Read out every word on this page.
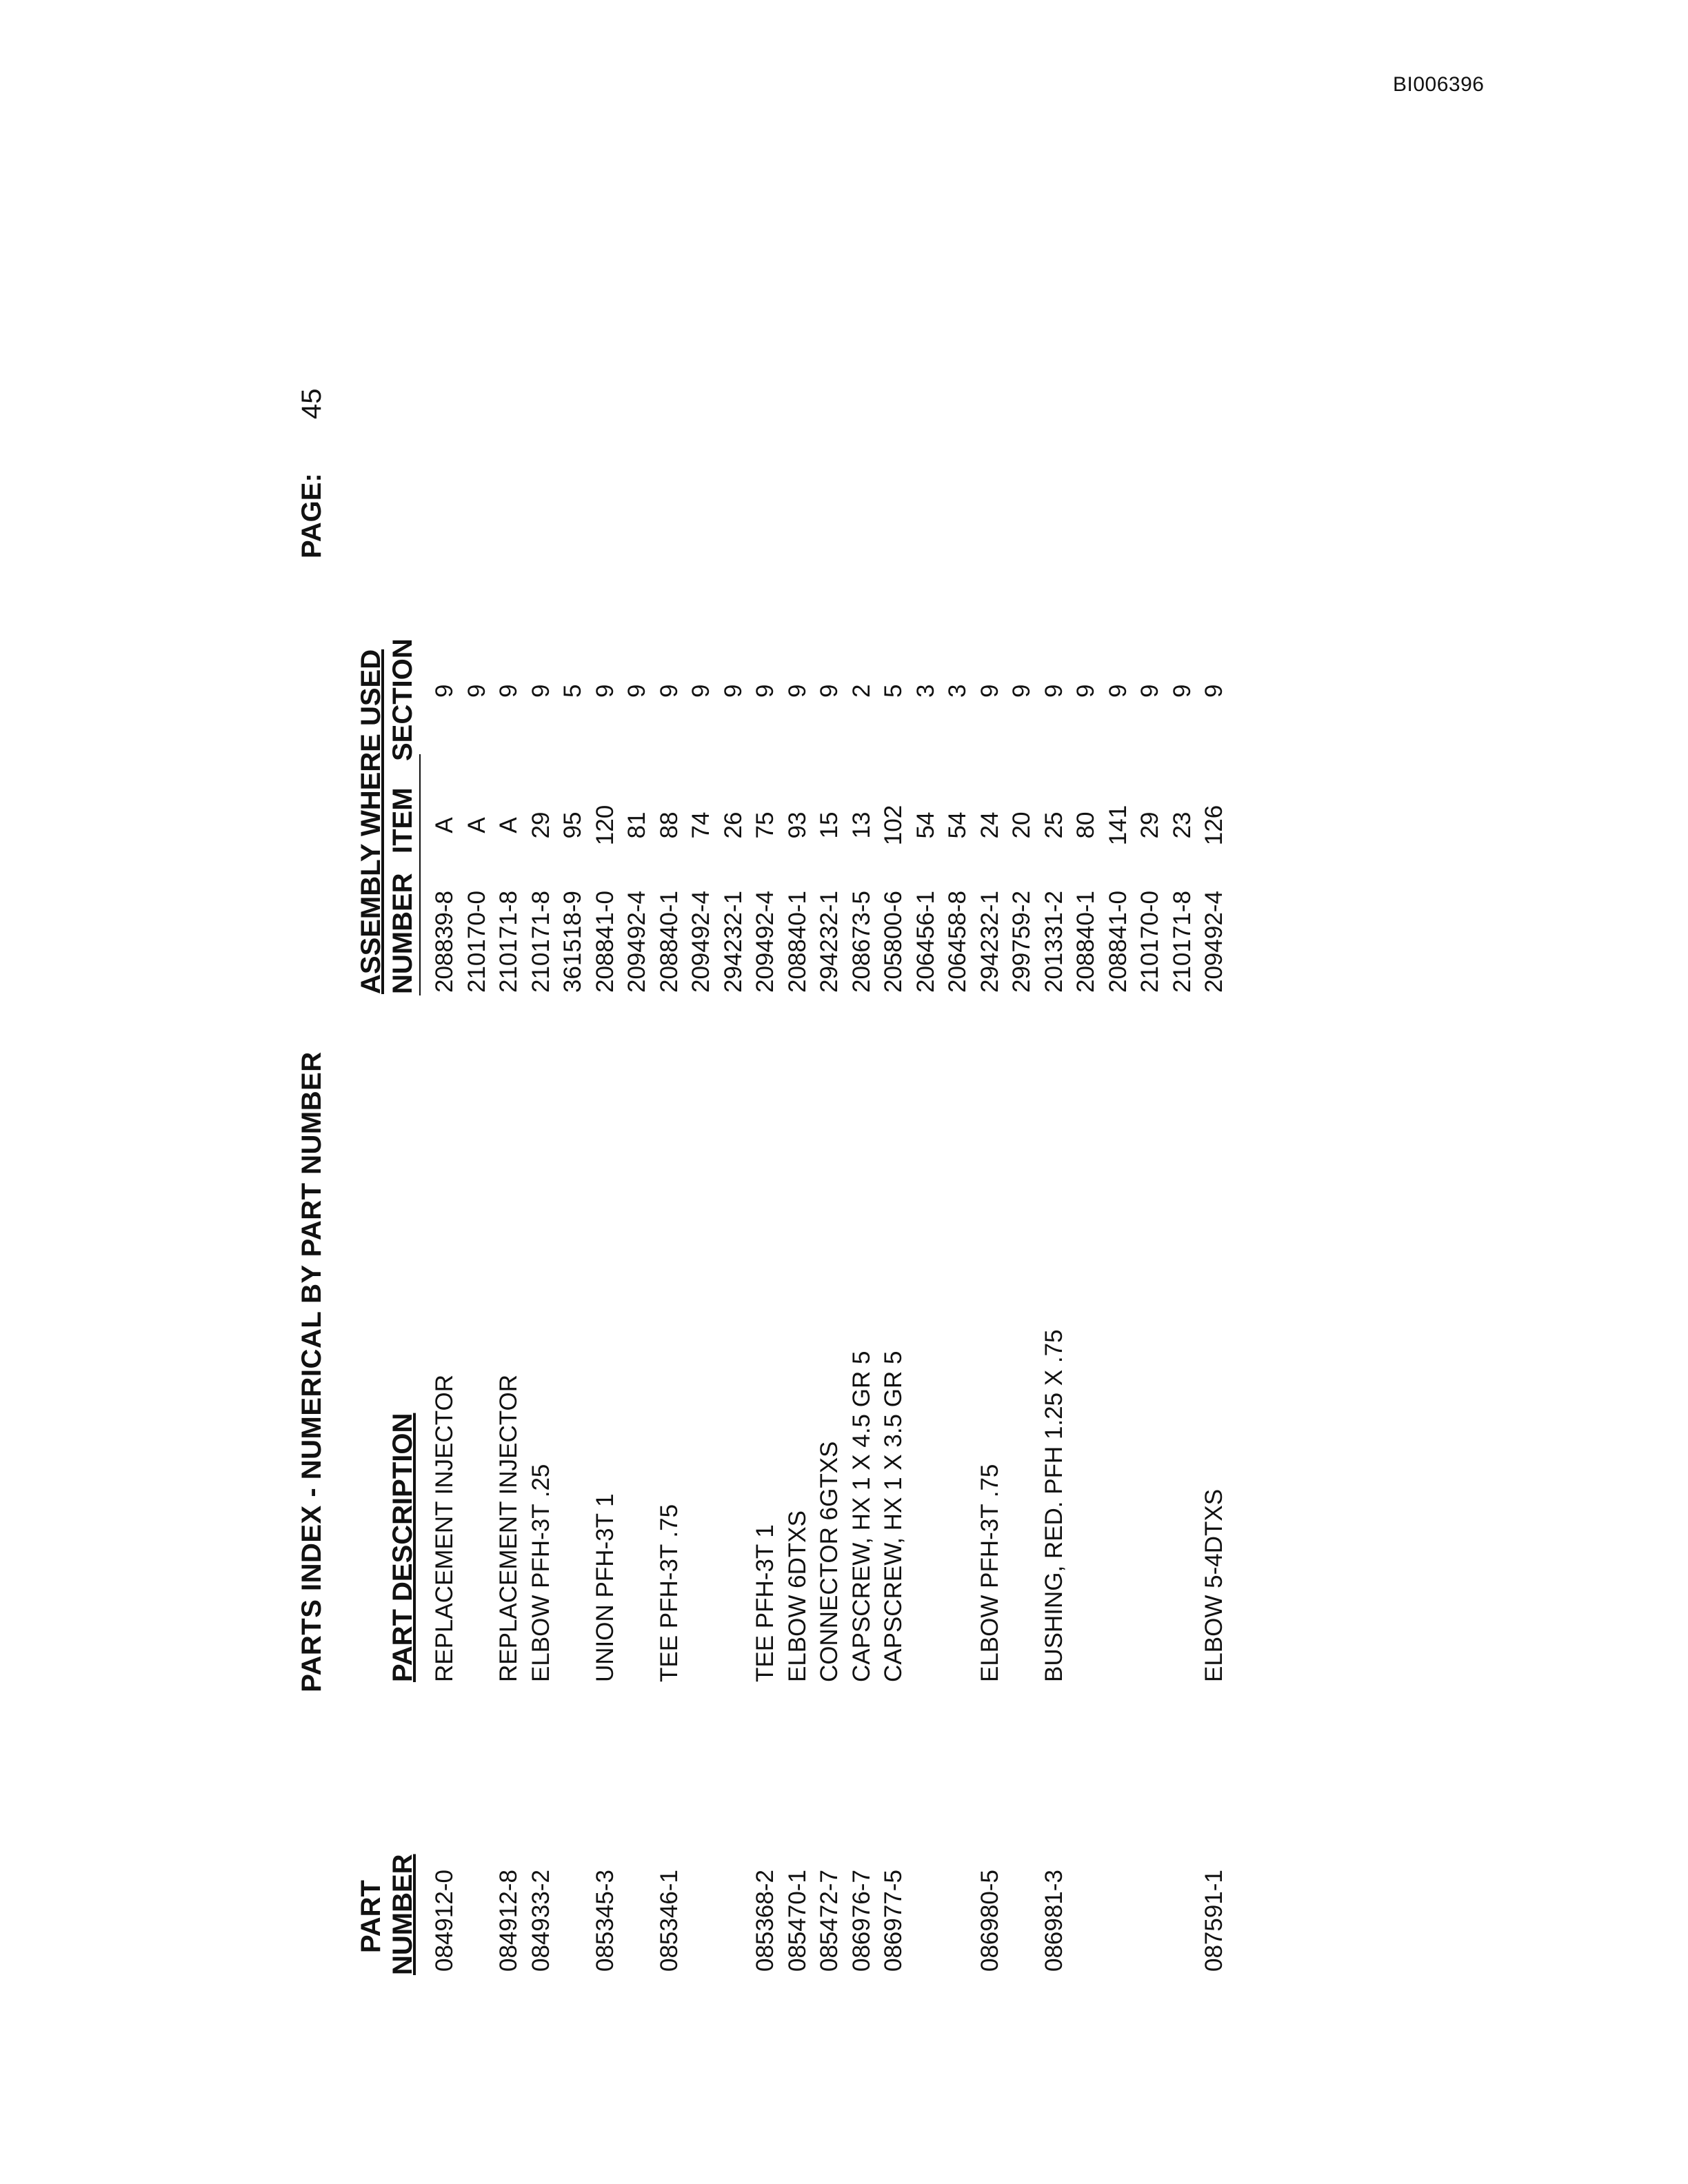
BI006396
PARTS INDEX - NUMERICAL BY PART NUMBER
PAGE:
45
PART NUMBER
PART DESCRIPTION
ASSEMBLY WHERE USED NUMBER
ITEM
SECTION
084912-0
REPLACEMENT INJECTOR
208839-8
A
9
210170-0
A
9
084912-8
REPLACEMENT INJECTOR
210171-8
A
9
084933-2
ELBOW PFH-3T .25
210171-8
29
9
361518-9
95
5
085345-3
UNION PFH-3T 1
208841-0
120
9
209492-4
81
9
085346-1
TEE PFH-3T .75
208840-1
88
9
209492-4
74
9
294232-1
26
9
085368-2
TEE PFH-3T 1
209492-4
75
9
085470-1
ELBOW 6DTXS
208840-1
93
9
085472-7
CONNECTOR 6GTXS
294232-1
15
9
086976-7
CAPSCREW, HX 1 X 4.5 GR 5
208673-5
13
2
086977-5
CAPSCREW, HX 1 X 3.5 GR 5
205800-6
102
5
206456-1
54
3
206458-8
54
3
086980-5
ELBOW PFH-3T .75
294232-1
24
9
299759-2
20
9
086981-3
BUSHING, RED. PFH 1.25 X .75
201331-2
25
9
208840-1
80
9
208841-0
141
9
210170-0
29
9
210171-8
23
9
087591-1
ELBOW 5-4DTXS
209492-4
126
9
